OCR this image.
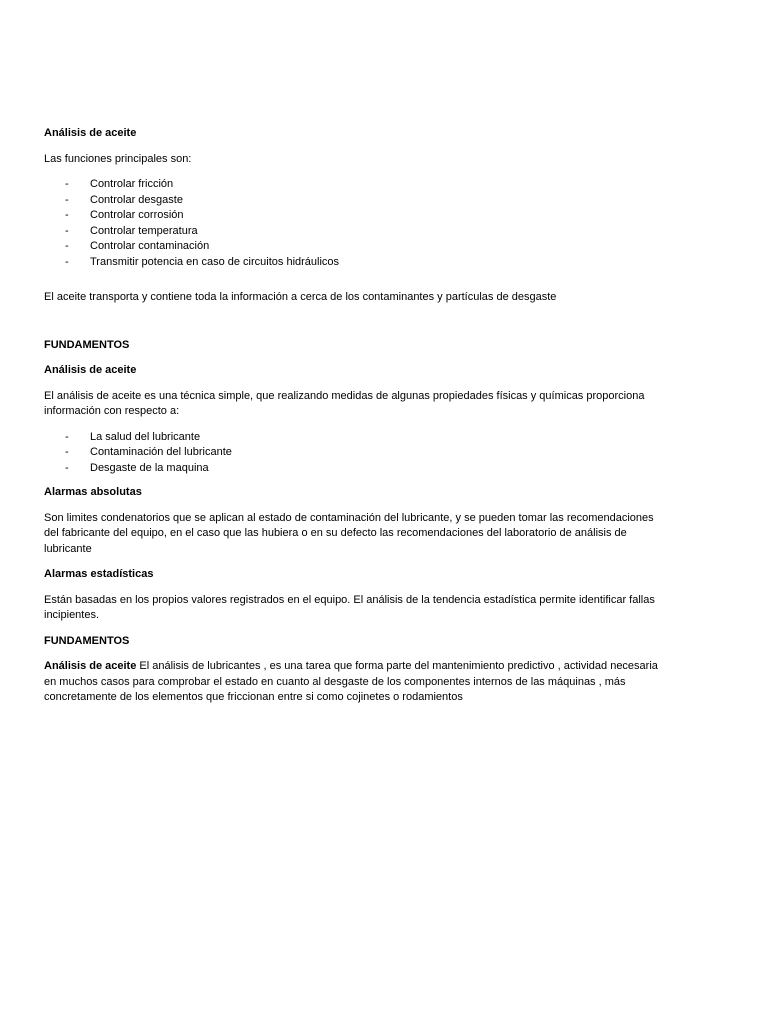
Análisis de aceite

Las funciones principales son:

- Controlar fricción
- Controlar desgaste
- Controlar corrosión
- Controlar temperatura
- Controlar contaminación
- Transmitir potencia en caso de circuitos hidráulicos

El aceite transporta y contiene toda la información a cerca de los contaminantes y partículas de desgaste

FUNDAMENTOS

Análisis de aceite

El análisis de aceite es una técnica simple, que realizando medidas de algunas propiedades físicas y químicas proporciona información con respecto a:

- La salud del lubricante
- Contaminación del lubricante
- Desgaste de la maquina

Alarmas absolutas

Son limites condenatorios que se aplican al estado de contaminación del lubricante, y se pueden tomar las recomendaciones del fabricante del equipo, en el caso que las hubiera o en su defecto las recomendaciones del laboratorio de análisis de lubricante

Alarmas estadísticas

Están basadas en los propios valores registrados en el equipo. El análisis de la tendencia estadística permite identificar fallas incipientes.

FUNDAMENTOS

Análisis de aceite El análisis de lubricantes , es una tarea que forma parte del mantenimiento predictivo , actividad necesaria en muchos casos para comprobar el estado en cuanto al desgaste de los componentes internos de las máquinas , más concretamente de los elementos que friccionan entre si como cojinetes o rodamientos
